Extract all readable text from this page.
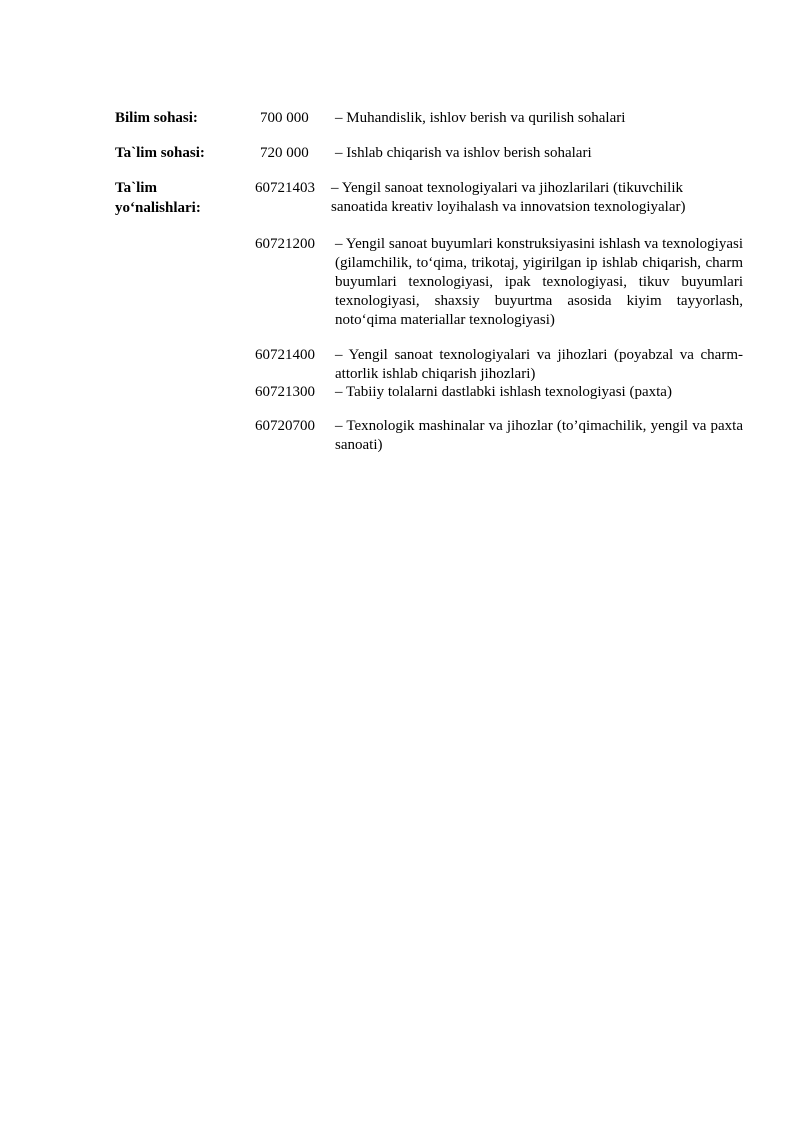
Bilim sohasi:	700 000 – Muhandislik, ishlov berish va qurilish sohalari
Ta`lim sohasi:	720 000 – Ishlab chiqarish va ishlov berish sohalari
Ta`lim
yo‘nalishlari:
60721403 – Yengil sanoat texnologiyalari va jihozlarilari (tikuvchilik sanoatida kreativ loyihalash va innovatsion texnologiyalar)
60721200 – Yengil sanoat buyumlari konstruksiyasini ishlash va texnologiyasi (gilamchilik, to‘qima, trikotaj, yigirilgan ip ishlab chiqarish, charm buyumlari texnologiyasi, ipak texnologiyasi, tikuv buyumlari texnologiyasi, shaxsiy buyurtma asosida kiyim tayyorlash, noto‘qima materiallar texnologiyasi)
60721400 – Yengil sanoat texnologiyalari va jihozlari (poyabzal va charm-attorlik ishlab chiqarish jihozlari)
60721300 – Tabiiy tolalarni dastlabki ishlash texnologiyasi (paxta)
60720700 – Texnologik mashinalar va jihozlar (to’qimachilik, yengil va paxta sanoati)
